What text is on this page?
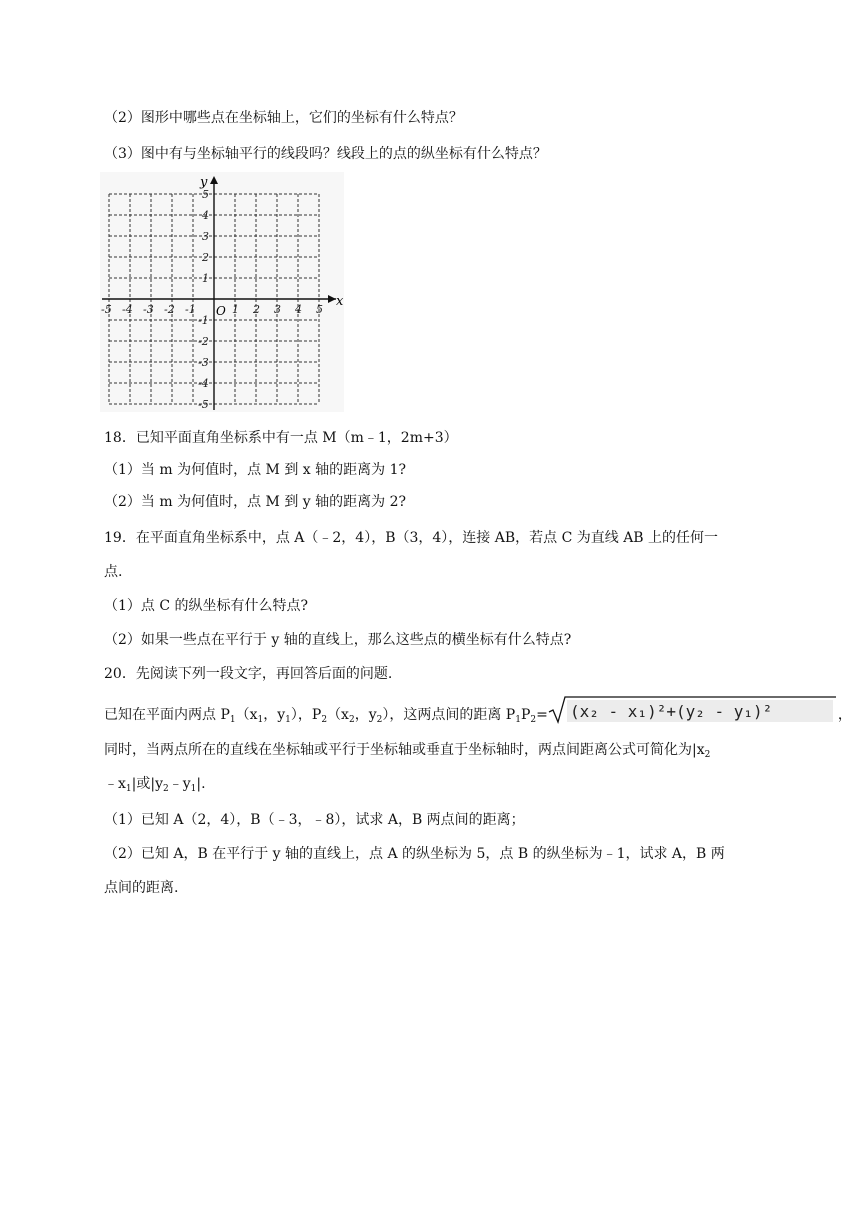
（2）图形中哪些点在坐标轴上，它们的坐标有什么特点？
（3）图中有与坐标轴平行的线段吗？线段上的点的纵坐标有什么特点？
x
y
O
-5 -4 -3 -2 -1	1 2 3 4 5
5
4
3
2
1
-1
-2
-3
-4
-5
18．已知平面直角坐标系中有一点 M（m﹣1，2m+3）
（1）当 m 为何值时，点 M 到 x 轴的距离为 1?
（2）当 m 为何值时，点 M 到 y 轴的距离为 2?
19．在平面直角坐标系中，点 A（﹣2，4），B（3，4），连接 AB，若点 C 为直线 AB 上的任何一
点.
（1）点 C 的纵坐标有什么特点?
（2）如果一些点在平行于 y 轴的直线上，那么这些点的横坐标有什么特点?
20．先阅读下列一段文字，再回答后面的问题.
已知在平面内两点 $P_1(x_1$，$y_1$），$P_2(x_2$，$y_2$），这两点间的距离 $P_1P_2= (x_2 - x_1)^2+(y_2 - y_1)^2$	，
同时，当两点所在的直线在坐标轴或平行于坐标轴或垂直于坐标轴时，两点间距离公式可简化为$|x_2$
$﹣x_1|$或$|y_2﹣y_1|$.
（1）已知 A（2，4），B（﹣3，﹣8），试求 A，B 两点间的距离；
（2）已知 A，B 在平行于 y 轴的直线上，点 A 的纵坐标为 5，点 B 的纵坐标为﹣1，试求 A，B 两
点间的距离.
